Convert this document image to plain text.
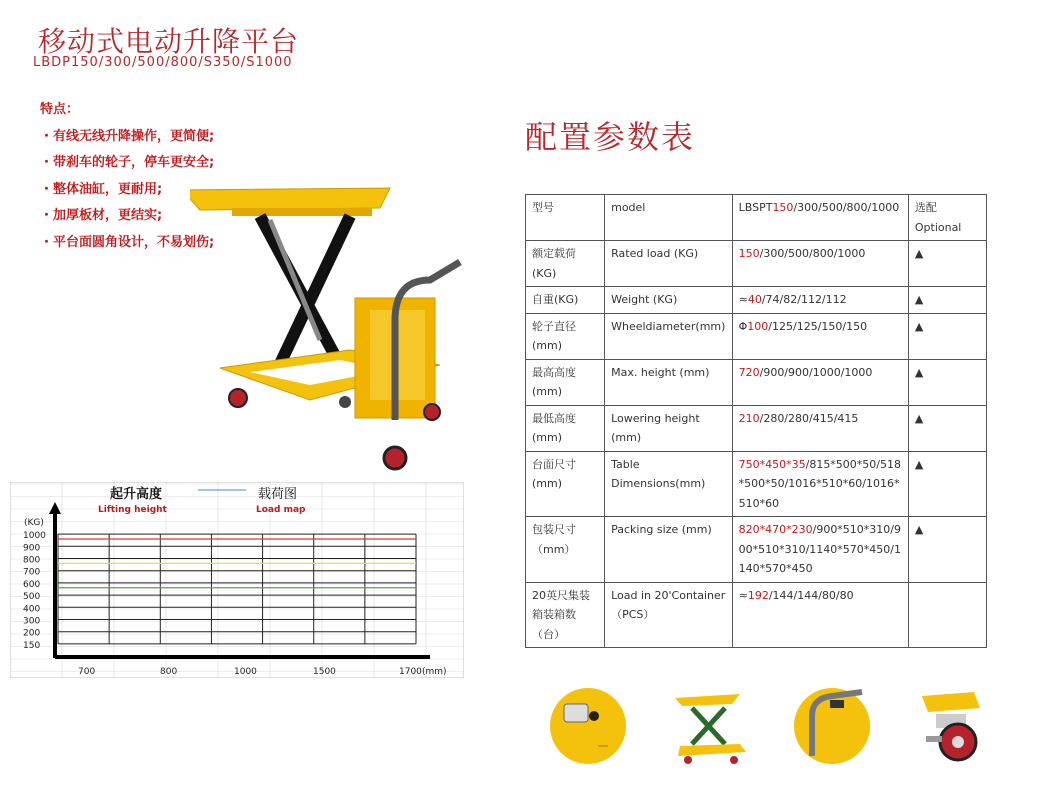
移动式电动升降平台
LBDP150/300/500/800/S350/S1000
特点：
・有线无线升降操作，更简便;
・带刹车的轮子，停车更安全;
・整体油缸，更耐用;
・加厚板材，更结实;
・平台面圆角设计，不易划伤;
配置参数表
型号	model	LBSPT150/300/500/800/1000	选配 Optional
额定载荷(KG)	Rated load (KG)	150/300/500/800/1000	▲
自重(KG)	Weight (KG)	≈40/74/82/112/112	▲
轮子直径(mm)	Wheeldiameter(mm)	Φ100/125/125/150/150	▲
最高高度(mm)	Max. height (mm)	720/900/900/1000/1000	▲
最低高度(mm)	Lowering height (mm)	210/280/280/415/415	▲
台面尺寸(mm)	Table Dimensions(mm)	750*450*35/815*500*50/518*500*50/1016*510*60/1016*510*60	▲
包装尺寸（mm）	Packing size (mm)	820*470*230/900*510*310/900*510*310/1140*570*450/1140*570*450	▲
20英尺集装箱装箱数（台）	Load in 20'Container（PCS）	≈192/144/144/80/80	
1000
900
800
700
600
500
400
300
200
150
700	800	1000	1500	1700 (mm)
(KG)
起升高度
Lifting height
载荷图
Load map
